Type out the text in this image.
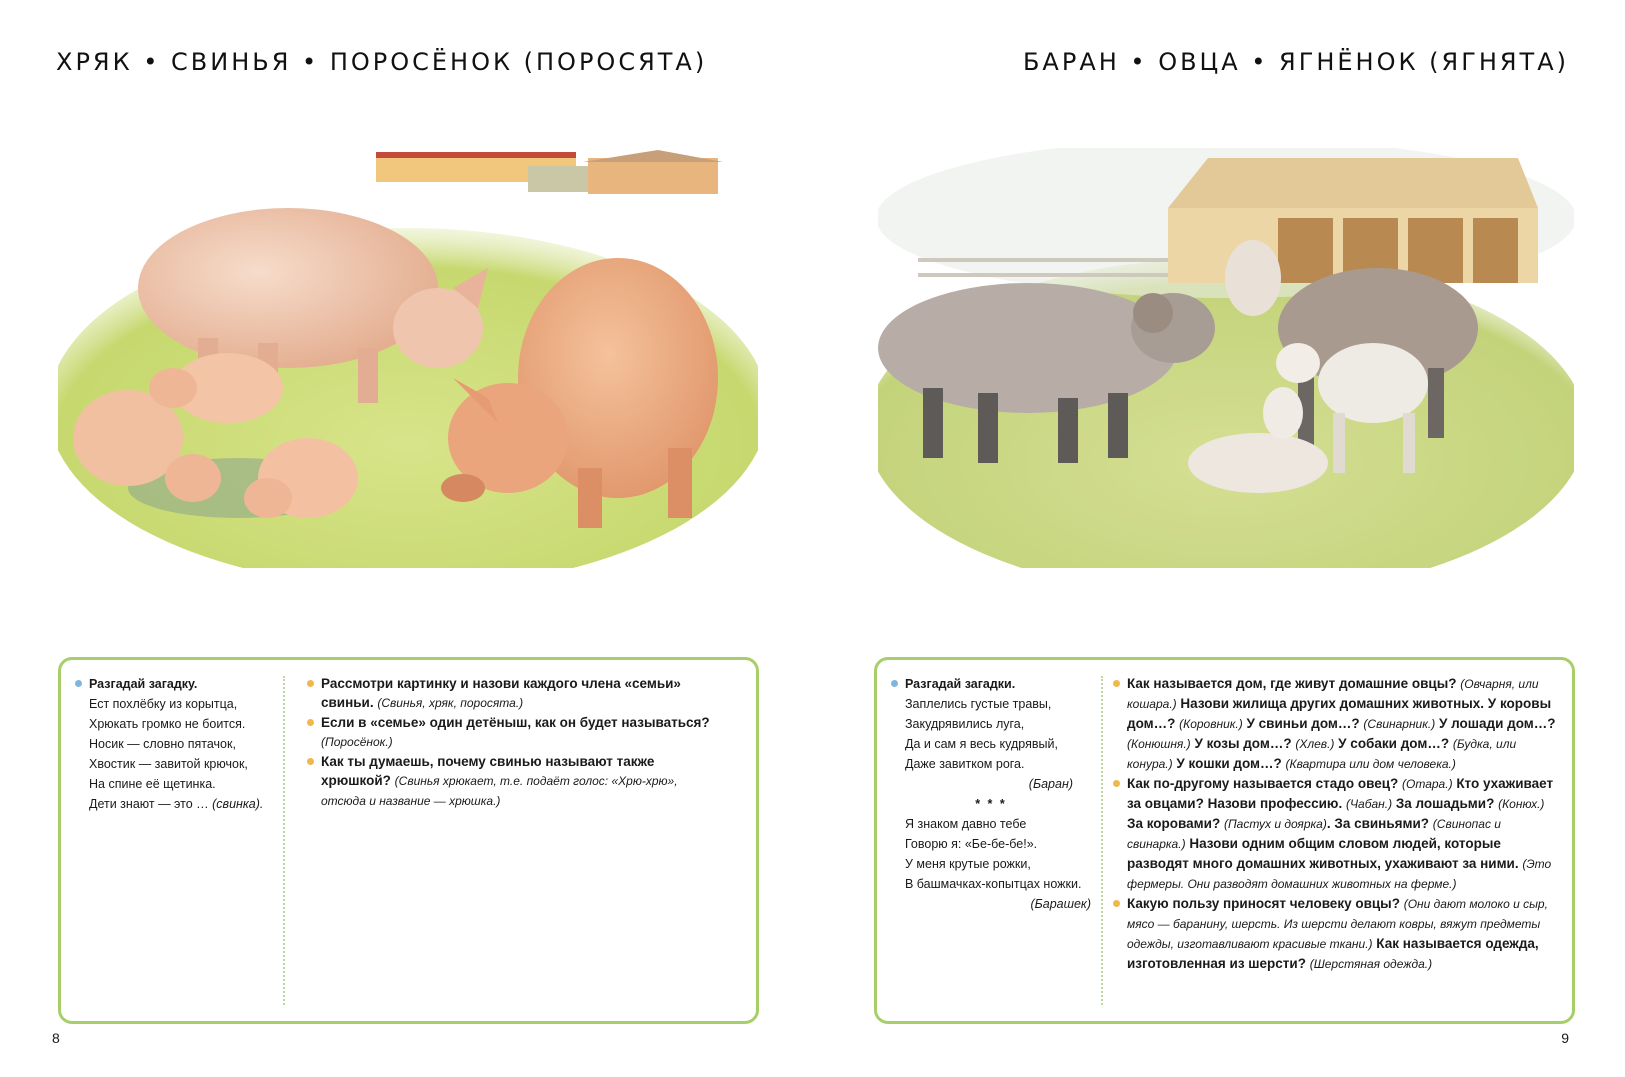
ХРЯК • СВИНЬЯ • ПОРОСЁНОК (ПОРОСЯТА)

Разгадай загадку.

Ест похлёбку из корытца,

Хрюкать громко не боится.

Носик — словно пятачок,

Хвостик — завитой крючок,

На спине её щетинка.

Дети знают — это … (свинка).

Рассмотри картинку и назови каждого члена «семьи» свиньи. (Свинья, хряк, поросята.)

Если в «семье» один детёныш, как он будет называться?
(Поросёнок.)

Как ты думаешь, почему свинью называют также хрюшкой? (Свинья хрюкает, т.е. подаёт голос: «Хрю-хрю», отсюда и название — хрюшка.)

8
БАРАН • ОВЦА • ЯГНЁНОК (ЯГНЯТА)

Разгадай загадки.

Заплелись густые травы,

Закудрявились луга,

Да и сам я весь кудрявый,

Даже завитком рога.

(Баран)

* * *

Я знаком давно тебе

Говорю я: «Бе-бе-бе!».

У меня крутые рожки,

В башмачках-копытцах ножки.

(Барашек)

Как называется дом, где живут домашние овцы? (Овчарня, или кошара.) Назови жилища других домашних животных. У коровы дом…? (Коровник.) У свиньи дом…? (Свинарник.) У лошади дом…? (Конюшня.) У козы дом…? (Хлев.) У собаки дом…? (Будка, или конура.) У кошки дом…? (Квартира или дом человека.)

Как по-другому называется стадо овец? (Отара.) Кто ухаживает за овцами? Назови профессию. (Чабан.) За лошадьми? (Конюх.) За коровами? (Пастух и доярка). За свиньями? (Свинопас и свинарка.) Назови одним общим словом людей, которые разводят много домашних животных, ухаживают за ними. (Это фермеры. Они разводят домашних животных на ферме.)

Какую пользу приносят человеку овцы? (Они дают молоко и сыр, мясо — баранину, шерсть. Из шерсти делают ковры, вяжут предметы одежды, изготавливают красивые ткани.) Как называется одежда, изготовленная из шерсти? (Шерстяная одежда.)

9
